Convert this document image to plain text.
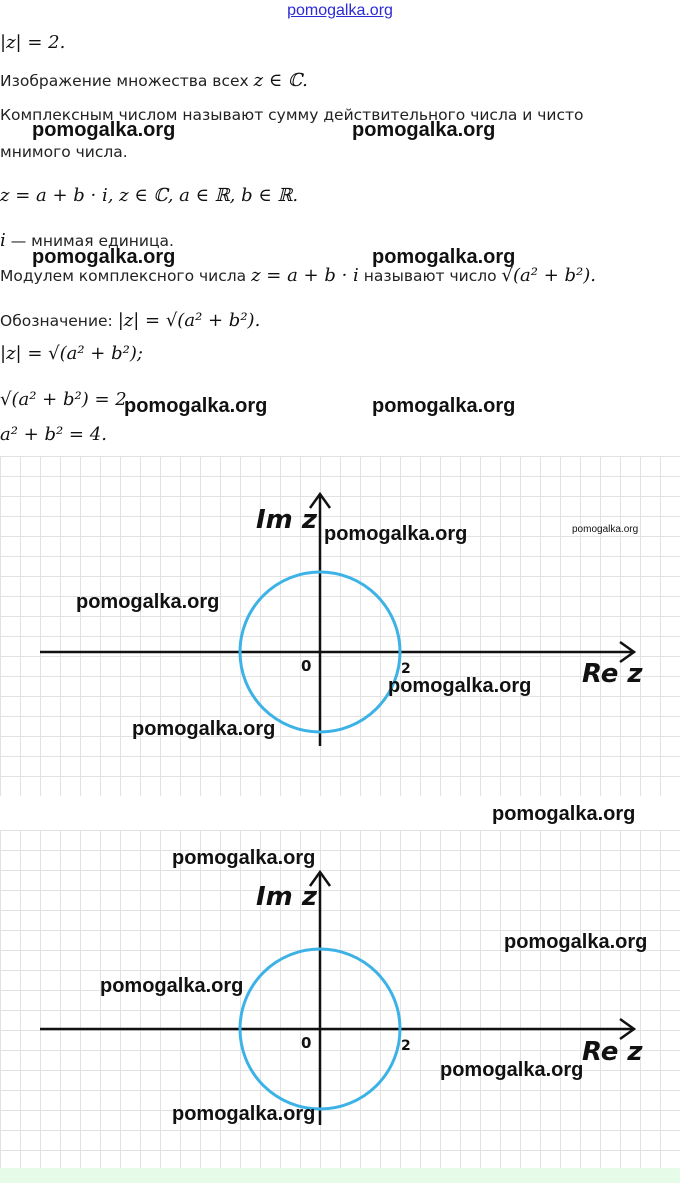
pomogalka.org
|z| = 2.
Изображение множества всех z ∈ ℂ.
Комплексным числом называют сумму действительного числа и чисто
мнимого числа.
z = a + b · i, z ∈ ℂ, a ∈ ℝ, b ∈ ℝ.
i — мнимая единица.
Модулем комплексного числа z = a + b · i называют число √(a² + b²).
Обозначение: |z| = √(a² + b²).
|z| = √(a² + b²);
√(a² + b²) = 2
a² + b² = 4.
pomogalka.org	pomogalka.org
pomogalka.org	pomogalka.org
pomogalka.org	pomogalka.org
Im z
Re z
0	2
pomogalka.org	pomogalka.org
pomogalka.org
pomogalka.org
pomogalka.org
pomogalka.org
Im z
Re z
0	2
pomogalka.org
pomogalka.org
pomogalka.org
pomogalka.org
pomogalka.org
